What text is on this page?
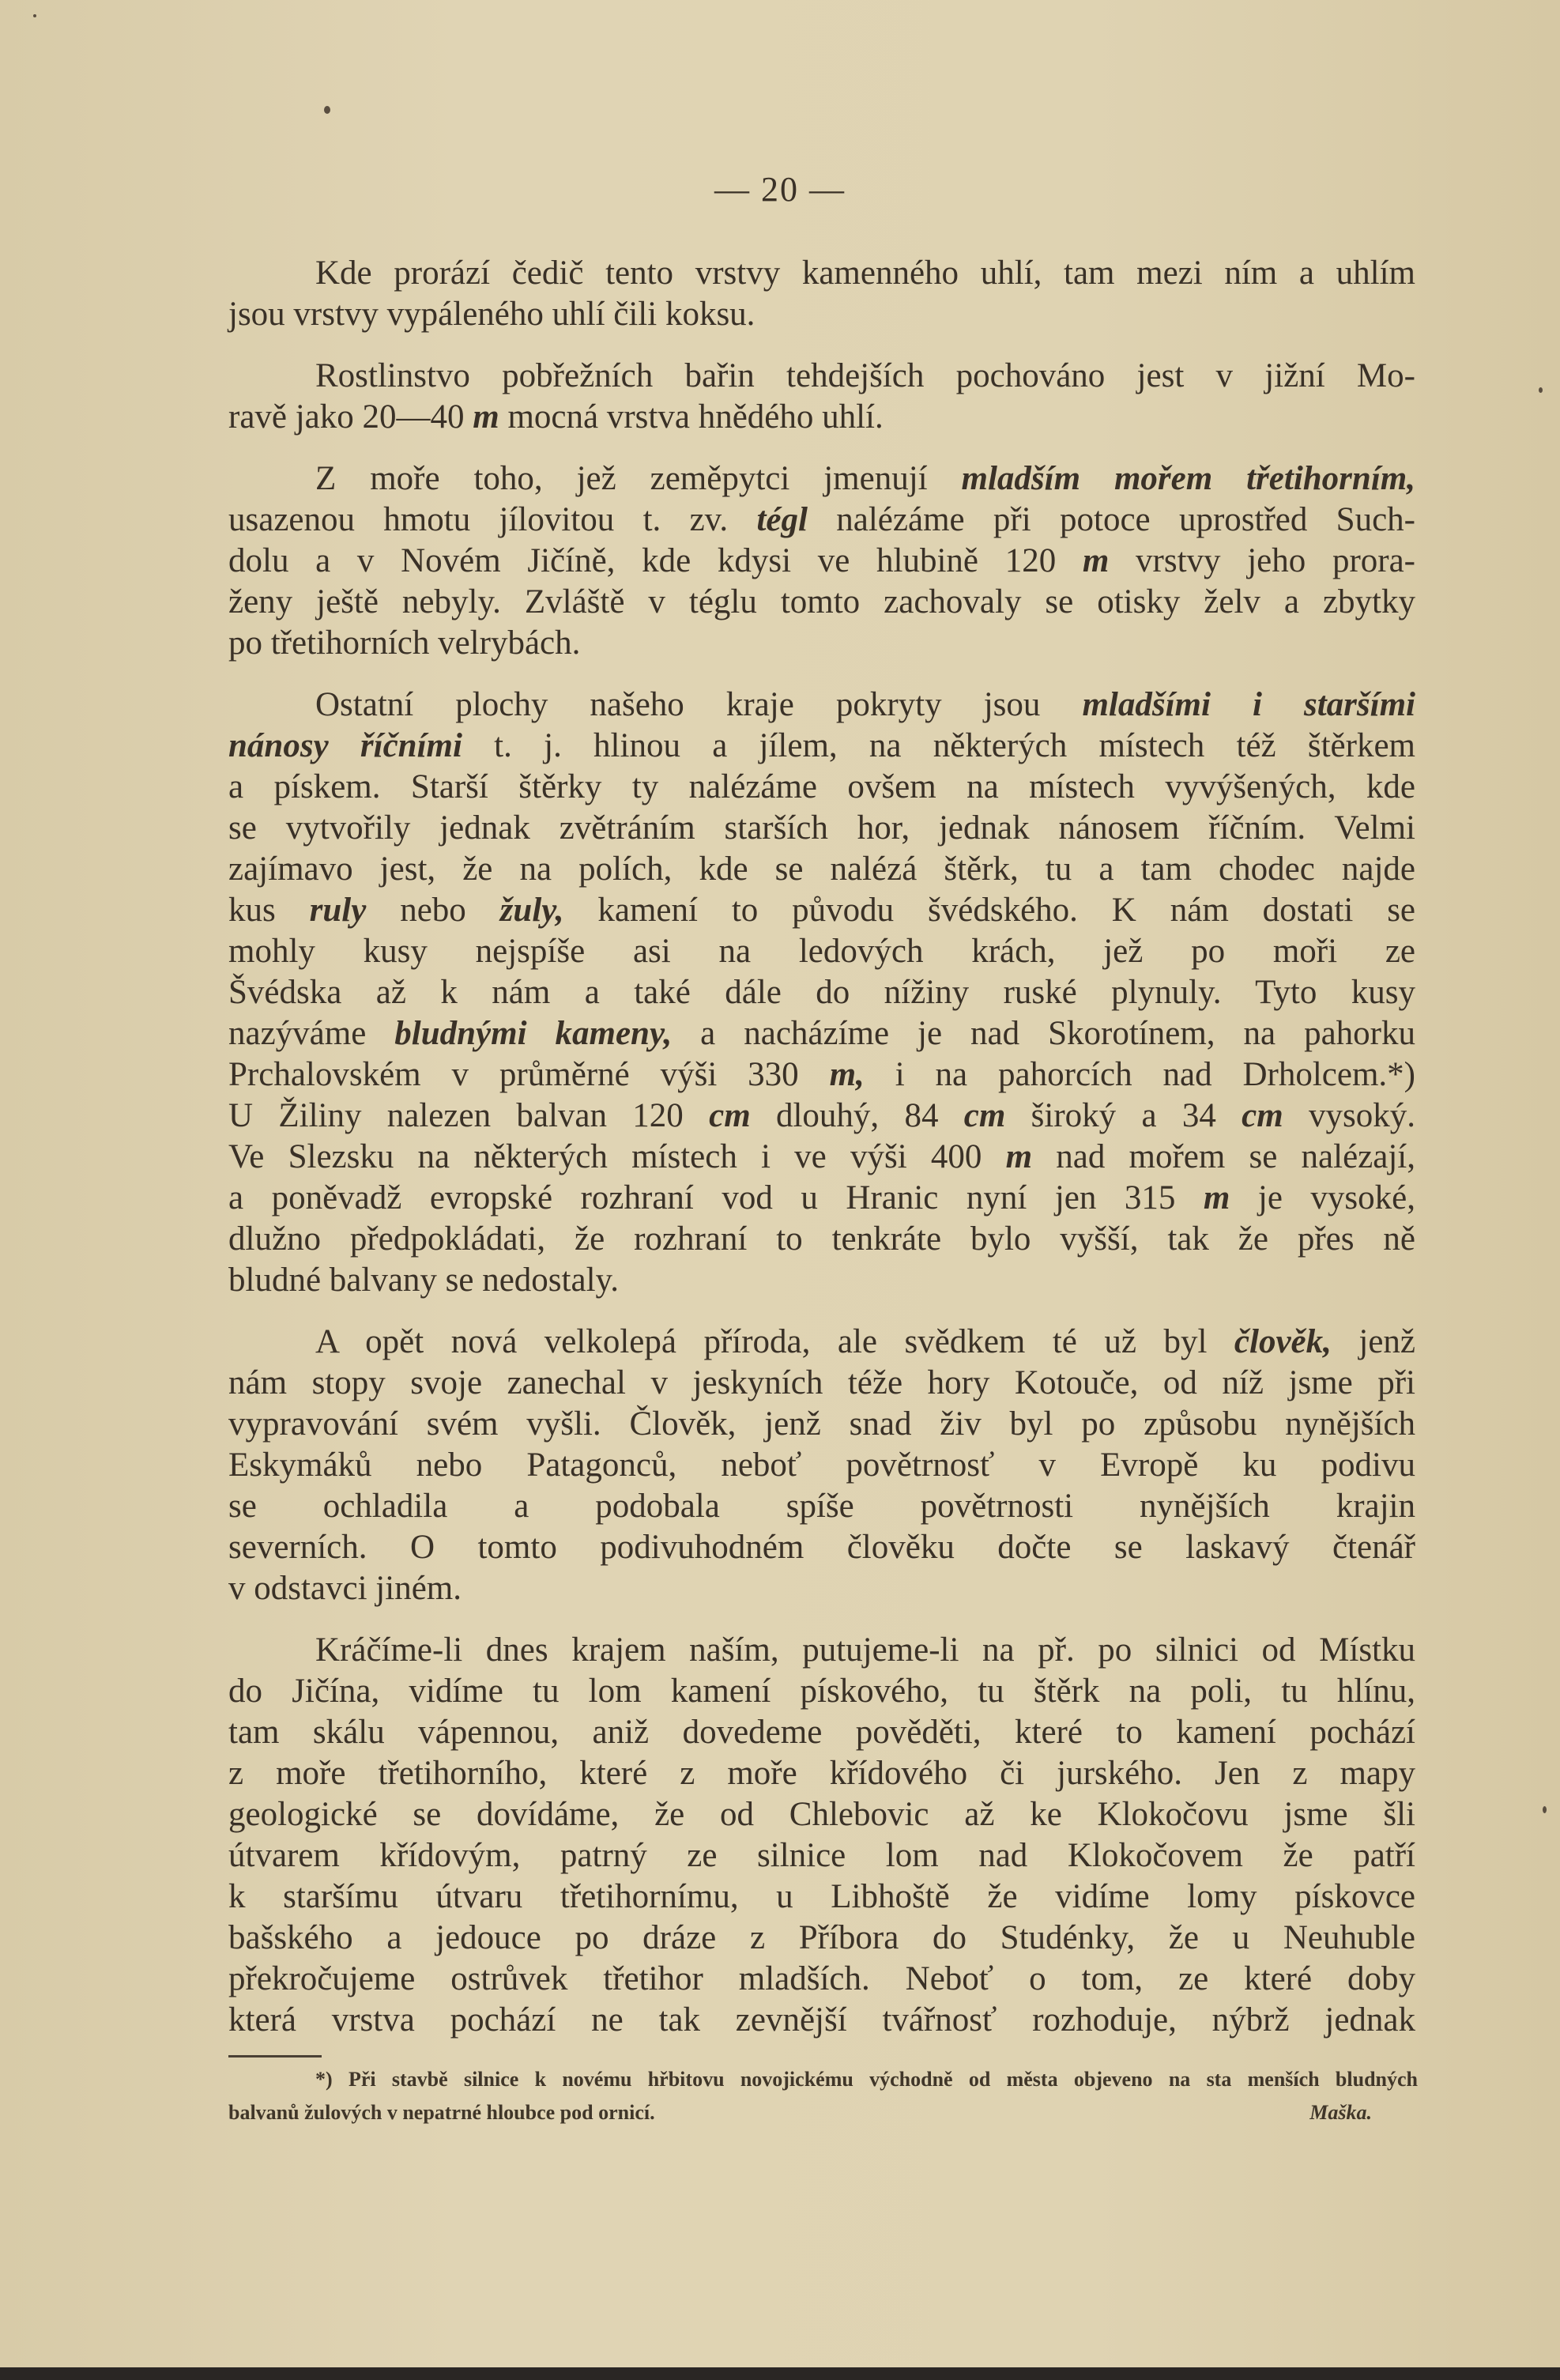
— 20 —
Kde prorází čedič tento vrstvy kamenného uhlí, tam mezi ním a uhlím
jsou vrstvy vypáleného uhlí čili koksu.
Rostlinstvo pobřežních bařin tehdejších pochováno jest v jižní Mo-
ravě jako 20—40 m mocná vrstva hnědého uhlí.
Z moře toho, jež zeměpytci jmenují mladším mořem třetihorním,
usazenou hmotu jílovitou t. zv. tégl nalézáme při potoce uprostřed Such-
dolu a v Novém Jičíně, kde kdysi ve hlubině 120 m vrstvy jeho prora-
ženy ještě nebyly. Zvláště v téglu tomto zachovaly se otisky želv a zbytky
po třetihorních velrybách.
Ostatní plochy našeho kraje pokryty jsou mladšími i staršími
nánosy říčními t. j. hlinou a jílem, na některých místech též štěrkem
a pískem. Starší štěrky ty nalézáme ovšem na místech vyvýšených, kde
se vytvořily jednak zvětráním starších hor, jednak nánosem říčním. Velmi
zajímavo jest, že na polích, kde se nalézá štěrk, tu a tam chodec najde
kus ruly nebo žuly, kamení to původu švédského. K nám dostati se
mohly kusy nejspíše asi na ledových krách, jež po moři ze
Švédska až k nám a také dále do nížiny ruské plynuly. Tyto kusy
nazýváme bludnými kameny, a nacházíme je nad Skorotínem, na pahorku
Prchalovském v průměrné výši 330 m, i na pahorcích nad Drholcem.*)
U Žiliny nalezen balvan 120 cm dlouhý, 84 cm široký a 34 cm vysoký.
Ve Slezsku na některých místech i ve výši 400 m nad mořem se nalézají,
a poněvadž evropské rozhraní vod u Hranic nyní jen 315 m je vysoké,
dlužno předpokládati, že rozhraní to tenkráte bylo vyšší, tak že přes ně
bludné balvany se nedostaly.
A opět nová velkolepá příroda, ale svědkem té už byl člověk, jenž
nám stopy svoje zanechal v jeskyních téže hory Kotouče, od níž jsme při
vypravování svém vyšli. Člověk, jenž snad živ byl po způsobu nynějších
Eskymáků nebo Patagonců, neboť povětrnosť v Evropě ku podivu
se ochladila a podobala spíše povětrnosti nynějších krajin
severních. O tomto podivuhodném člověku dočte se laskavý čtenář
v odstavci jiném.
Kráčíme-li dnes krajem naším, putujeme-li na př. po silnici od Místku
do Jičína, vidíme tu lom kamení pískového, tu štěrk na poli, tu hlínu,
tam skálu vápennou, aniž dovedeme pověděti, které to kamení pochází
z moře třetihorního, které z moře křídového či jurského. Jen z mapy
geologické se dovídáme, že od Chlebovic až ke Klokočovu jsme šli
útvarem křídovým, patrný ze silnice lom nad Klokočovem že patří
k staršímu útvaru třetihornímu, u Libhoště že vidíme lomy pískovce
bašského a jedouce po dráze z Příbora do Studénky, že u Neuhuble
překročujeme ostrůvek třetihor mladších. Neboť o tom, ze které doby
která vrstva pochází ne tak zevnější tvářnosť rozhoduje, nýbrž jednak
*) Při stavbě silnice k novému hřbitovu novojickému východně od města objeveno na sta menších bludných
balvanů žulových v nepatrné hloubce pod ornicí.	Maška.
